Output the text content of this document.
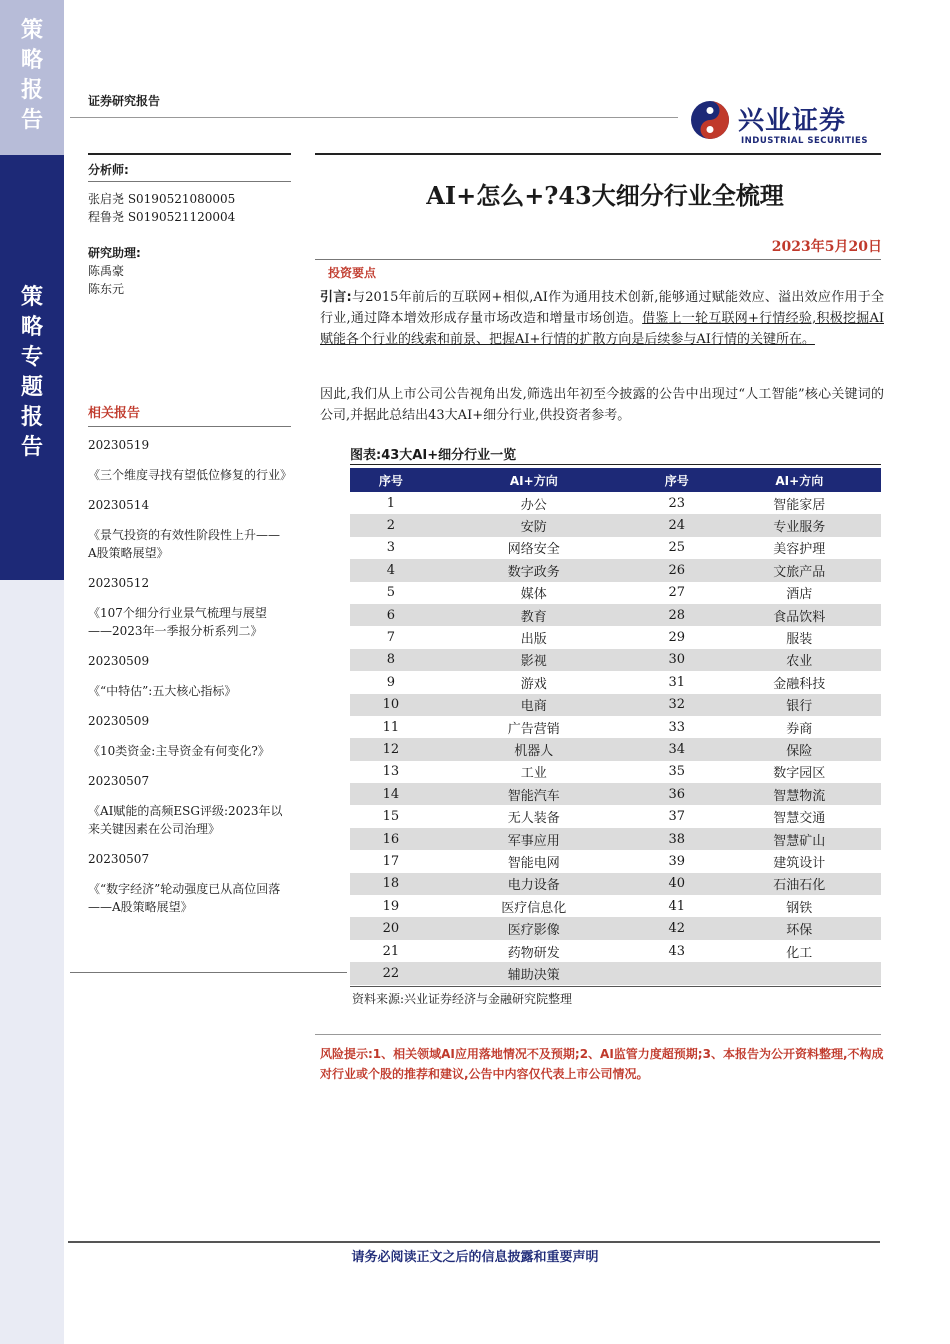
策
略
报
告
策
略
专
题
报
告
证券研究报告
兴业证券
INDUSTRIAL SECURITIES
分析师:
张启尧 S0190521080005
程鲁尧 S0190521120004
研究助理:
陈禹豪
陈东元
相关报告
20230519
《三个维度寻找有望低位修复的行业》
20230514
《景气投资的有效性阶段性上升——A股策略展望》
20230512
《107个细分行业景气梳理与展望——2023年一季报分析系列二》
20230509
《“中特估”:五大核心指标》
20230509
《10类资金:主导资金有何变化?》
20230507
《AI赋能的高频ESG评级:2023年以来关键因素在公司治理》
20230507
《“数字经济”轮动强度已从高位回落——A股策略展望》
AI+怎么+?43大细分行业全梳理
2023年5月20日
投资要点
引言:与2015年前后的互联网+相似,AI作为通用技术创新,能够通过赋能效应、溢出效应作用于全行业,通过降本增效形成存量市场改造和增量市场创造。借鉴上一轮互联网+行情经验,积极挖掘AI赋能各个行业的线索和前景、把握AI+行情的扩散方向是后续参与AI行情的关键所在。
因此,我们从上市公司公告视角出发,筛选出年初至今披露的公告中出现过“人工智能”核心关键词的公司,并据此总结出43大AI+细分行业,供投资者参考。
图表:43大AI+细分行业一览
序号	AI+方向	序号	AI+方向
1	办公	23	智能家居
2	安防	24	专业服务
3	网络安全	25	美容护理
4	数字政务	26	文旅产品
5	媒体	27	酒店
6	教育	28	食品饮料
7	出版	29	服装
8	影视	30	农业
9	游戏	31	金融科技
10	电商	32	银行
11	广告营销	33	券商
12	机器人	34	保险
13	工业	35	数字园区
14	智能汽车	36	智慧物流
15	无人装备	37	智慧交通
16	军事应用	38	智慧矿山
17	智能电网	39	建筑设计
18	电力设备	40	石油石化
19	医疗信息化	41	钢铁
20	医疗影像	42	环保
21	药物研发	43	化工
22	辅助决策		
资料来源:兴业证券经济与金融研究院整理
风险提示:1、相关领域AI应用落地情况不及预期;2、AI监管力度超预期;3、本报告为公开资料整理,不构成对行业或个股的推荐和建议,公告中内容仅代表上市公司情况。
请务必阅读正文之后的信息披露和重要声明
